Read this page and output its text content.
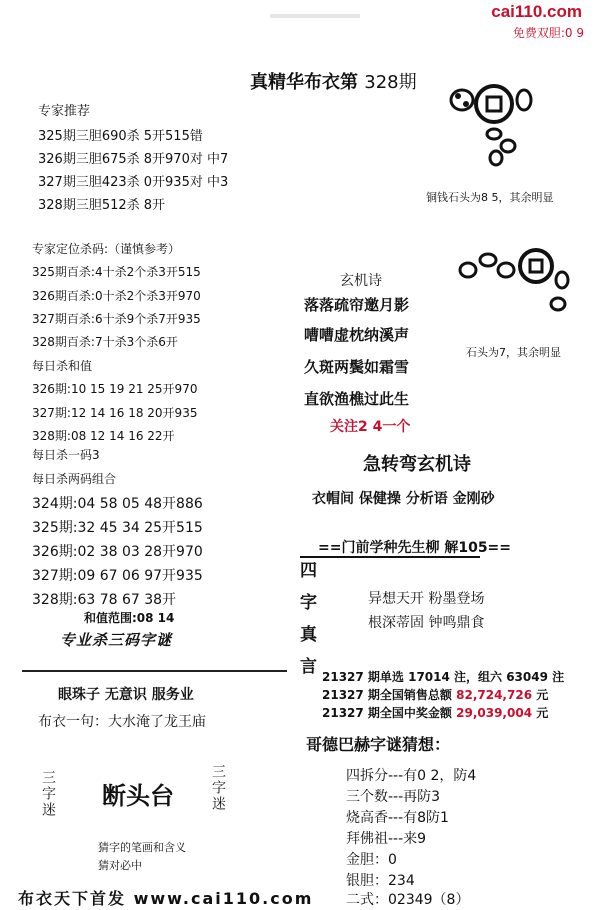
cai110.com
免费双胆:0 9
真精华布衣第 328期
专家推荐
325期三胆690杀 5开515错
326期三胆675杀 8开970对 中7
327期三胆423杀 0开935对 中3
328期三胆512杀 8开
专家定位杀码:（谨慎参考）
325期百杀:4十杀2个杀3开515
326期百杀:0十杀2个杀3开970
327期百杀:6十杀9个杀7开935
328期百杀:7十杀3个杀6开
每日杀和值
326期:10 15 19 21 25开970
327期:12 14 16 18 20开935
328期:08 12 14 16 22开
每日杀一码3
每日杀两码组合
324期:04 58 05 48开886
325期:32 45 34 25开515
326期:02 38 03 28开970
327期:09 67 06 97开935
328期:63 78 67 38开
和值范围:08 14
专业杀三码字谜
眼珠子 无意识 服务业
布衣一句：大水淹了龙王庙
三字迷 断头台	三字迷
猜字的笔画和含义
猜对必中
布衣天下首发 www.cai110.com
铜钱石头为8 5，其余明显
石头为7，其余明显
玄机诗
落落疏帘邀月影
嘈嘈虚枕纳溪声
久斑两鬓如霜雪
直欲渔樵过此生
关注2 4一个
急转弯玄机诗
衣帽间 保健操 分析语 金刚砂
==门前学种先生柳 解105==
四
字
真
言
异想天开 粉墨登场
根深蒂固 钟鸣鼎食
21327 期单选 17014 注，组六 63049 注
21327 期全国销售总额 82,724,726 元
21327 期全国中奖金额 29,039,004 元
哥德巴赫字谜猜想：
四拆分---有0 2，防4
三个数---再防3
烧高香---有8防1
拜佛祖---来9
金胆：0
银胆：234
二式：02349（8）
